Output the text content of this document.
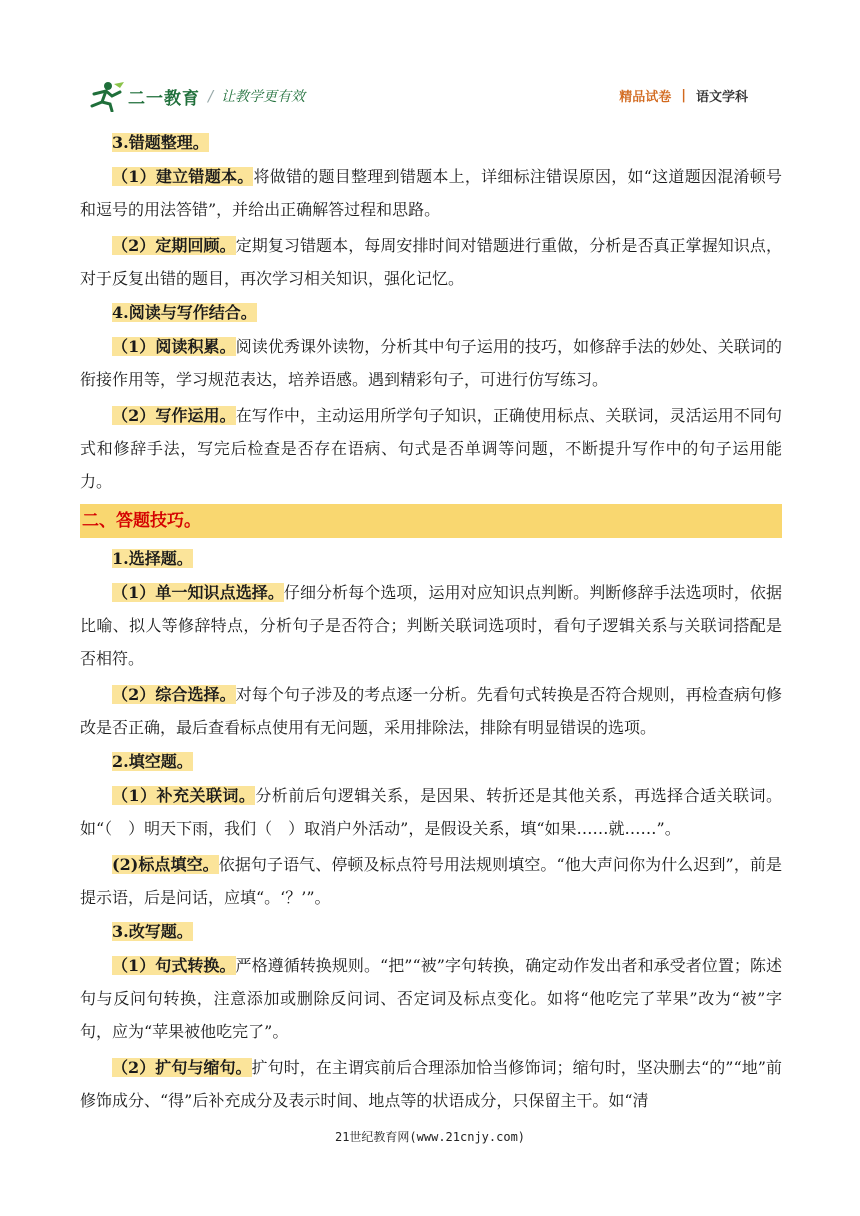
二一教育 / 让教学更有效	精品试卷 | 语文学科
3.错题整理。

（1）建立错题本。将做错的题目整理到错题本上，详细标注错误原因，如“这道题因混淆顿号和逗号的用法答错”，并给出正确解答过程和思路。

（2）定期回顾。定期复习错题本，每周安排时间对错题进行重做，分析是否真正掌握知识点，对于反复出错的题目，再次学习相关知识，强化记忆。

4.阅读与写作结合。

（1）阅读积累。阅读优秀课外读物，分析其中句子运用的技巧，如修辞手法的妙处、关联词的衔接作用等，学习规范表达，培养语感。遇到精彩句子，可进行仿写练习。

（2）写作运用。在写作中，主动运用所学句子知识，正确使用标点、关联词，灵活运用不同句式和修辞手法，写完后检查是否存在语病、句式是否单调等问题，不断提升写作中的句子运用能力。

二、答题技巧。
1.选择题。

（1）单一知识点选择。仔细分析每个选项，运用对应知识点判断。判断修辞手法选项时，依据比喻、拟人等修辞特点，分析句子是否符合；判断关联词选项时，看句子逻辑关系与关联词搭配是否相符。

（2）综合选择。对每个句子涉及的考点逐一分析。先看句式转换是否符合规则，再检查病句修改是否正确，最后查看标点使用有无问题，采用排除法，排除有明显错误的选项。

2.填空题。

（1）补充关联词。分析前后句逻辑关系，是因果、转折还是其他关系，再选择合适关联词。如“（　）明天下雨，我们（　）取消户外活动”，是假设关系，填“如果……就……”。

(2)标点填空。依据句子语气、停顿及标点符号用法规则填空。“他大声问你为什么迟到”，前是提示语，后是问话，应填“。‘？’”。

3.改写题。

（1）句式转换。严格遵循转换规则。“把”“被”字句转换，确定动作发出者和承受者位置；陈述句与反问句转换，注意添加或删除反问词、否定词及标点变化。如将“他吃完了苹果”改为“被”字句，应为“苹果被他吃完了”。

（2）扩句与缩句。扩句时，在主谓宾前后合理添加恰当修饰词；缩句时，坚决删去“的”“地”前修饰成分、“得”后补充成分及表示时间、地点等的状语成分，只保留主干。如“清

21世纪教育网(www.21cnjy.com)
